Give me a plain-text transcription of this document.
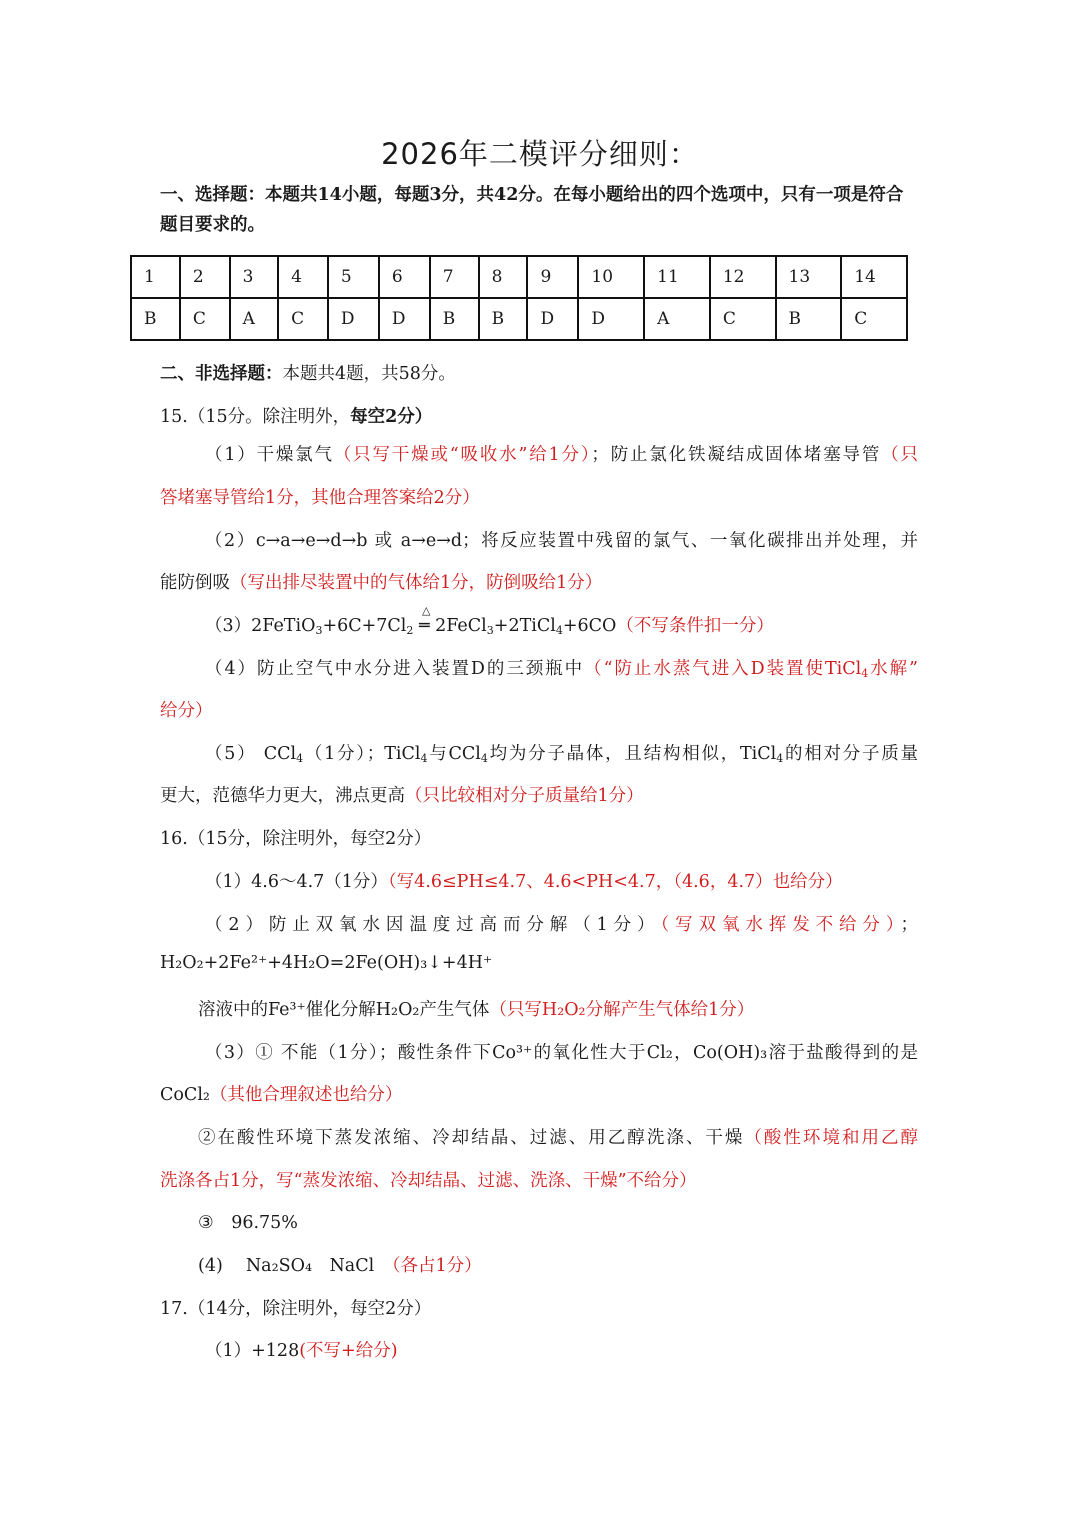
2026年二模评分细则：
一、选择题：本题共14小题，每题3分，共42分。在每小题给出的四个选项中，只有一项是符合题目要求的。
1	2	3	4	5	6	7	8	9	10	11	12	13	14
B	C	A	C	D	D	B	B	D	D	A	C	B	C
二、非选择题：本题共4题，共58分。
15.（15分。除注明外，每空2分）
（1）干燥氯气（只写干燥或“吸收水”给1分）；防止氯化铁凝结成固体堵塞导管（只
答堵塞导管给1分，其他合理答案给2分）
（2）c→a→e→d→b 或 a→e→d；将反应装置中残留的氯气、一氧化碳排出并处理，并
能防倒吸（写出排尽装置中的气体给1分，防倒吸给1分）
$(3)2FeTiO_3+6C+7Cl_2$
△
═ 2FeCl$_3$+2TiCl$_4$+6CO（不写条件扣一分）
（4）防止空气中水分进入装置D的三颈瓶中（“防止水蒸气进入D装置使TiCl$_4$水解”
给分）
（5） CCl$_4$（1分）；TiCl$_4$与CCl$_4$均为分子晶体，且结构相似，TiCl$_4$的相对分子质量
更大，范德华力更大，沸点更高（只比较相对分子质量给1分）
16.（15分，除注明外，每空2分）
（1）4.6～4.7（1分）（写4.6≤PH≤4.7、4.6<PH<4.7，（4.6，4.7）也给分）
（2）防止双氧水因温度过高而分解（1分）（写双氧水挥发不给分）；
H₂O₂+2Fe²⁺+4H₂O=2Fe(OH)₃↓+4H⁺
溶液中的Fe³⁺催化分解H₂O₂产生气体（只写H₂O₂分解产生气体给1分）
（3）① 不能（1分）；酸性条件下Co³⁺的氧化性大于Cl₂，Co(OH)₃溶于盐酸得到的是
CoCl₂（其他合理叙述也给分）
②在酸性环境下蒸发浓缩、冷却结晶、过滤、用乙醇洗涤、干燥（酸性环境和用乙醇
洗涤各占1分，写“蒸发浓缩、冷却结晶、过滤、洗涤、干燥”不给分）
③　96.75%
(4)　 Na₂SO₄　NaCl　 （各占1分）
17.（14分，除注明外，每空2分）
（1）+128(不写+给分)
